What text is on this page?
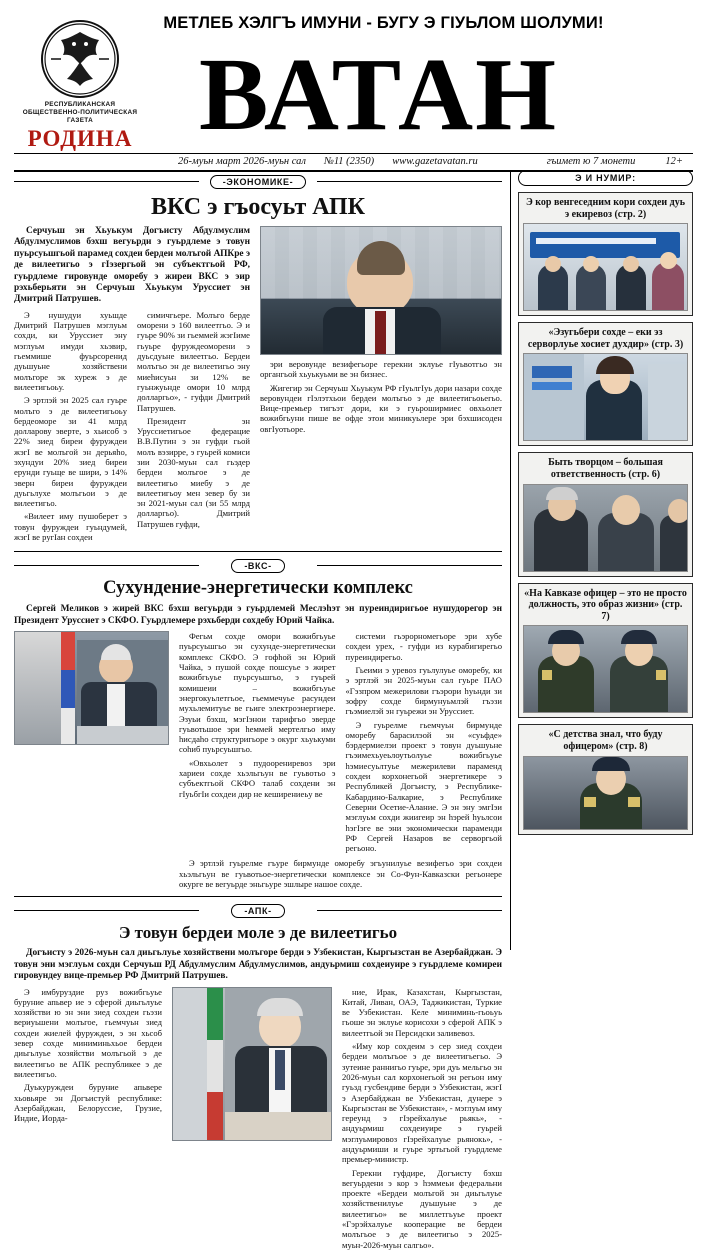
МЕТЛЕБ ХЭЛГЪ ИМУНИ - БУГУ Э ГIУЬЛОМ ШОЛУМИ!
РЕСПУБЛИКАНСКАЯ
ОБЩЕСТВЕННО-ПОЛИТИЧЕСКАЯ
ГАЗЕТА
РОДИНА ВАТАН
26-муьн март 2026-муьн сал №11 (2350) www.gazetavatan.ru	гъимет ю 7 монети	12+
-ЭКОНОМИКЕ-
ВКС э гъосуьт АПК
Серчуьш эн Хьуькум Догъисту Абдулмуслим Абдулмуслимов бэхш вегуьрди э гуьрдлеме э товун пуьрсуьшгьой парамед сохдеи бердеи молъгой АПКре э де вилеетигьо э гIэзергьой эн субъектгьой РФ, гуьрдлеме гировунде оморебу э жиреи ВКС э эир рэхьберьяти эн Серчуьш Хьуькум Уруссиет эн Дмитрий Патрушев.

Э нушудуи хуьшде Дмитрий Патрушев мэглуьм сохди, ки Уруссиет эну мэглуьм имуди хьэвир, гьеммише фуьрсоренид дуьшуьне хозяйствени молъгоре эк хуреж э де вилеетигьоьу.

Э эртлэй эн 2025 сал гуьре молъго э де вилеетигьоьу бердеоморе зи 41 млрд долларову эверте, э хьисоб э 22% зиед биреи фуруждеи жэгI ве молъгой эн дерьяhо, эхундуи 20% зиед биреи ерунди гуьще ве шири, э 14% эверн биреи фуруждеи дуьгьлухе молъгьои э де вилеетигьо.

«Вилеет иму пушоберет э товун фуруждеи гуьндумей, жэгI ве ругIан сохдеи

симичгьере. Молъго берде оморени э 160 вилеетгьо. Э и гуьре 90% зи гьеммей жэгIиме гьуьре фуруждеоморени э дуьсдуьне вилеетгьо. Бердеи молъгьо эн де вилеетигьо эну миеhисуьн зи 12% ве гуьнжуьнде омори 10 млрд долларгьо», - гуфди Дмитрий Патрушев.

Президент эн Уруссиетигьое федерацие В.В.Путин э эн гуфди гьой молъ вэзирре, э гуьрей комиси зии 2030-муьн сал гьэдер бердеи молъгое э де вилеетигьо миебу э де вилеетигьоу мен зевер бу зи эн 2021-муьн сал (зи 55 млрд долларгьо). Дмитрий Патрушев гуфди,

эри веровунде везифегьоре герекни эклуье гIуьвотгьо эн органгьой хьуькуьми ве эн бизнес.

Жигегир эн Серчуьш Хьуькум РФ гIуьлгIуь дори назари сохде веровундеи гIэлэтхьои бердеи молъгьо э де вилеетигьоьегьо. Вице-премьер тигъэт дори, ки э гуьроширмиес овхьолет вожибгьуни пише ве офде этои миникуьлере эри бэхшисоден овгIуотьоре.

-ВКС-
Сухундение-энергетически комплекс
Сергей Меликов э жирей ВКС бэхш вегуьрди э гуьрдлемей Меслэhэт эн пуреиндиригьое нушудорегор эн Президент Уруссиет э СКФО. Гуьрдлемере рэхьберди сохдебу Юрий Чайка.

Фегьм сохде омори вожибгьуье пуьрсуьшгьо эн сухунде-энергетически комплекс СКФО. Э гофhой эн Юрий Чайка, э пушой сохде пошсуье э жирет вожибгьуье пуьрсуьшгьо, э гуьрей комишеии – вожибгьуье энергокуьлетгьое, гьеммечуье расундеи мухьлемитуье ве гьиге электроэнергиере. Эзуьи бэхш, мэгIэнои тарифгьо эверде гуьвотьшое эри hеммей мертелгьо иму hисдаhо структуригьоре э окург хьуькуми соhиб пуьрсуьшгьо.

«Овхьолет э пудоорениревоз эри хариеи сохде хьэльгьун ве гуьвотьо э субъектгьой СКФО талаб сохдени эн гIуьбгIи сохдеи дир не кеширениеьу ве

системи гьэрорномегьоре эри хубе сохдеи урех, - гуфди из курабигирегьо пуреиндирегьо.

Гьеими э уревоз гуьлулуье оморебу, ки э эртлэй эн 2025-муьн сал гуьре ПАО «Гэзпром межерилови гъэрори hуьнди зи зофру сохде бирмунуьмлэй гъэзи гъэмиелэй эн гуьрежи эн Уруссиет.

Э гуьрелме гьемчуьн бирмунде оморебу барасилэой эн «суьфде» бэрдермиелэи проект э товун дуьшуьне гъэимехьуеьлоутьолуье вожибгьуье hэмиесуьлтуье межерилеви параменд сохдеи корхонегьой энергетикере э Республикей Догъисту, э Республике-Кабардино-Балкарие, э Республике Северни Осетие-Алание. Э эн эну эмгIэи мэглуьм сохди жиигеир эн hэрей hуьлсои hэгIэге ве эни экономически параменди РФ Сергей Назаров ве серворгьой регьоно.

Э эртлэй гуьрелме гъуре бирмунде оморебу эгъунилуье везифегьо эри сохдеи хьэльгьун ве гуьвотьое-энергетически комплексе эн Со-Фун-Кавказски регьонере окурге ве вегуьрде эньгьуре эшлыре нашое сохде.

-АПК-
Э товун бердеи моле э де вилеетигьо
Догъисту э 2026-муьн сал диьгьлуье хозяйствени молъгоре берди э Узбекистан, Кыргызстан ве Азербайджан. Э товун эни мэглуьм сохди Серчуьш РД Абдулмуслим Абдулмуслимов, андуьрмиш сохдеиуире э гуьрдлеме комиреи гировундеу вице-премьер РФ Дмитрий Патрушев.

Э имбуруздие руз вожибгьуье буруние апьвер ие э сферой диьгьлуье хозяйстви ю эн эни зиед сохдеи гьэзи вериуьшени молъгое, гьемчуьн зиед сохдеи жиелей фуруждеи, э эн хьсоб зевер сохде миниминьхьое бердеи диьгьлуье хозяйстви молъгьой э де вилеетигьо ве АПК республикее э де вилеетигьо.

Дуькуруждеи буруние апьвере хьовьяре эн Догъистуй республике: Азербайджан, Белоруссие, Грузие, Индие, Иорда-

ние, Ирак, Казахстан, Кыргызстан, Китай, Ливан, ОАЭ, Таджикистан, Туркие ве Узбекистан. Келе миниминь-гьоьуь гьоше эн эклуье корисохи э сферой АПК э вилеетгьой эн Персидски заливевоз.

«Иму кор сохдеим э сер зиед сохдеи бердеи молъгьое э де вилеетигьегьо. Э зутеине раннигьо гуьре, эри дуь мельгьо эн 2026-муьн сал корхонегьой эн регьон иму гуьзд гусбендиве берди э Узбекистан, жэгI э Азербайджан ве Узбекистан, дунере э Кыргызстан ве Узбекистан», - мэглуьм иму гереунд э гIэрейхалуье рьякь», - андуьрмиш сохдеиуире э гуьрей мэглуьмировоз гIэрейхалуье рьянокь», - андуьрмиши и гуьре эртьгьой гуьрдлеме премьер-министр.

Герекни гуфдире, Догъисту бэхш вегуьрдени э кор э hэммеьи федеральни проекте «Бердеи молъгой эн диьгьлуье хозяйственилуье дуьшуьне э де вилеетигьо» ве миллетгьуье проект «Гэрэйхалуье кооперацие ве бердеи молъгьое э де вилеетигьо э 2025-муьн-2026-муьн салгьо».

Э И НУМИР:
Э кор венгеседним кори сохдеи дуь э екиревоз (стр. 2)
«Эзугьбери сохде – еки эз серворлуье хосиет духдир» (стр. 3)
Быть творцом – большая ответственность (стр. 6)
«На Кавказе офицер – это не просто должность, это образ жизни» (стр. 7)
«С детства знал, что буду офицером» (стр. 8)
